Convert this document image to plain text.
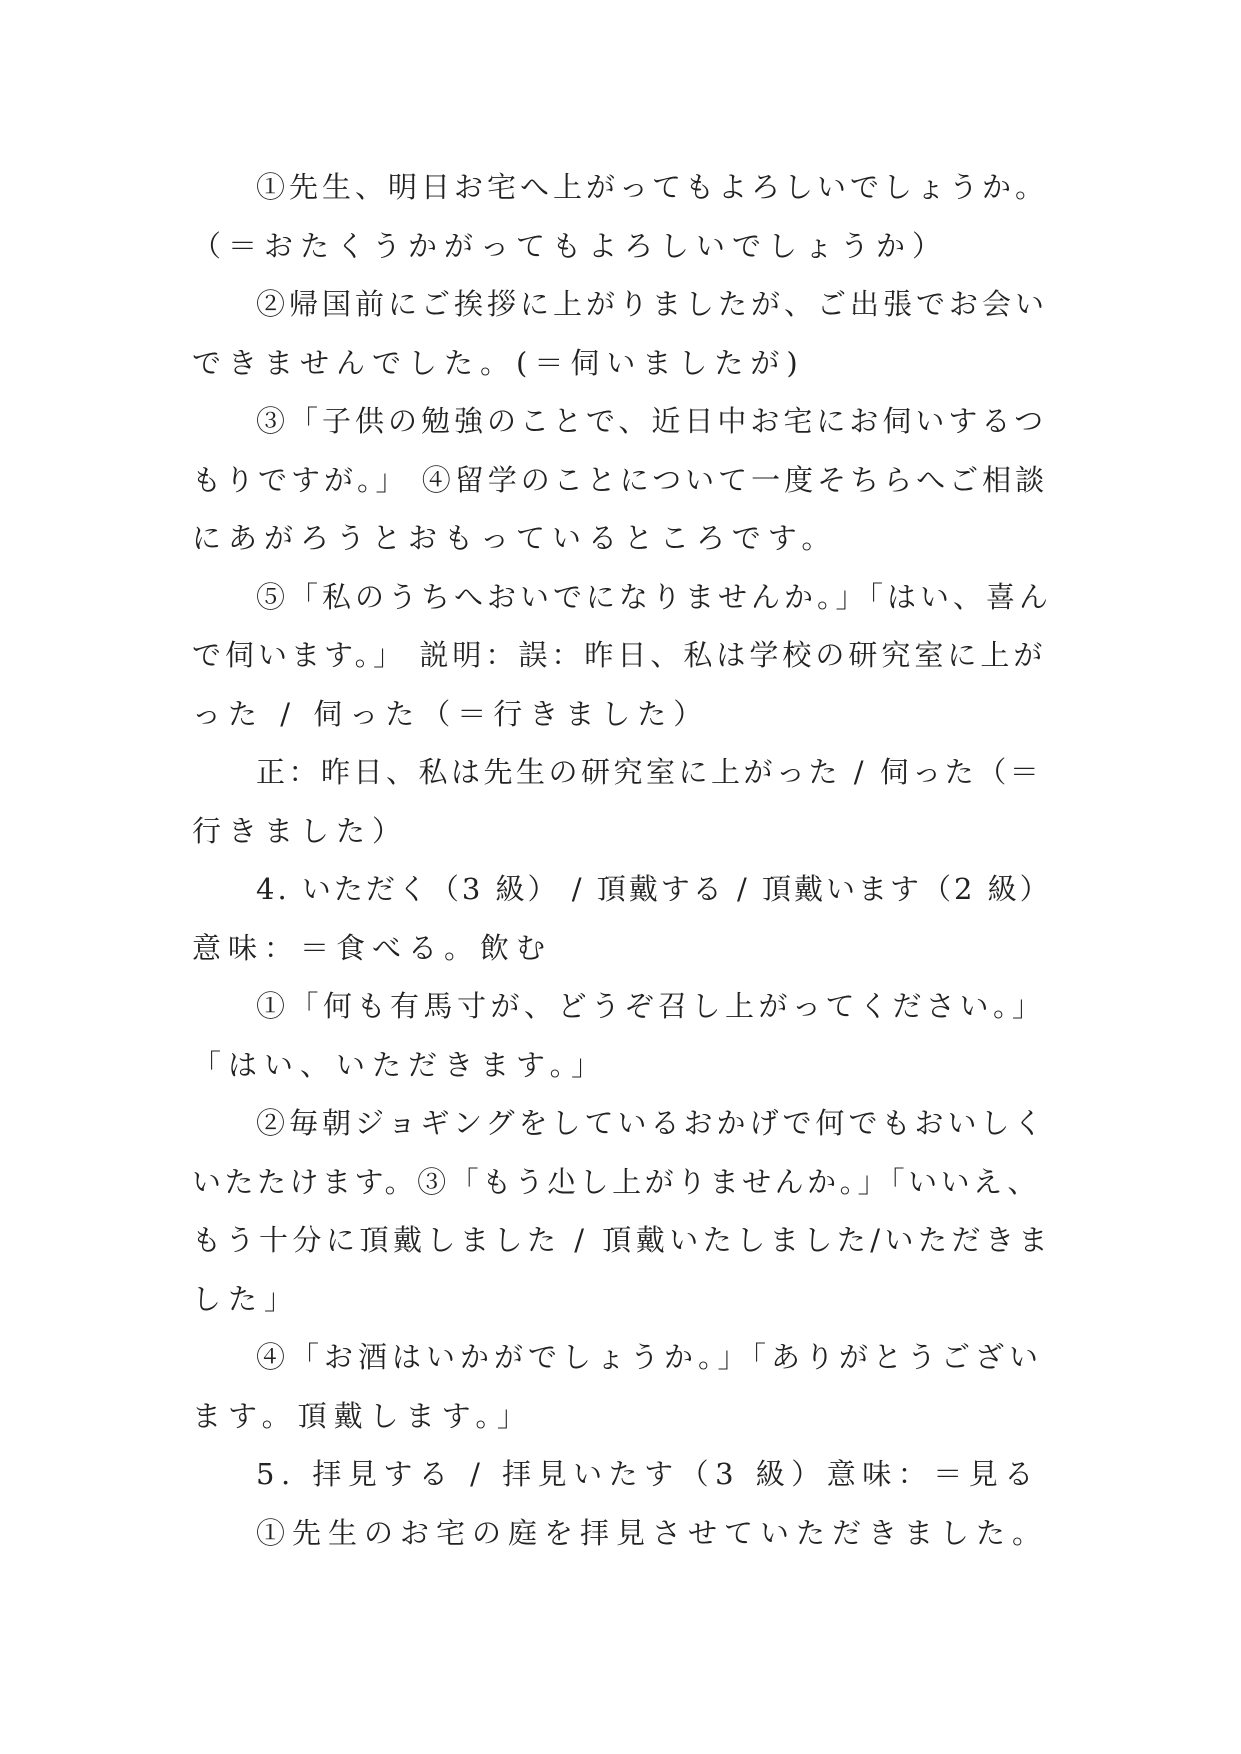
①先生、明日お宅へ上がってもよろしいでしょうか。
（＝おたくうかがってもよろしいでしょうか）
②帰国前にご挨拶に上がりましたが、ご出張でお会い
できませんでした。(＝伺いましたが)
③「子供の勉強のことで、近日中お宅にお伺いするつ
もりですが。」 ④留学のことについて一度そちらへご相談
にあがろうとおもっているところです。
⑤「私のうちへおいでになりませんか。」「はい、喜ん
で伺います。」 説明：誤：昨日、私は学校の研究室に上が
った / 伺った（＝行きました）
正：昨日、私は先生の研究室に上がった / 伺った（＝
行きました）
4. いただく（3 級） / 頂戴する / 頂戴います（2 級）
意味：＝食べる。飲む
①「何も有馬寸が、どうぞ召し上がってください。」
「はい、いただきます。」
②毎朝ジョギングをしているおかげで何でもおいしく
いたたけます。③「もう尐し上がりませんか。」「いいえ、
もう十分に頂戴しました / 頂戴いたしました/いただきま
した」
④「お酒はいかがでしょうか。」「ありがとうござい
ます。頂戴します。」
5. 拝見する / 拝見いたす（3 級）意味：＝見る
①先生のお宅の庭を拝見させていただきました。
